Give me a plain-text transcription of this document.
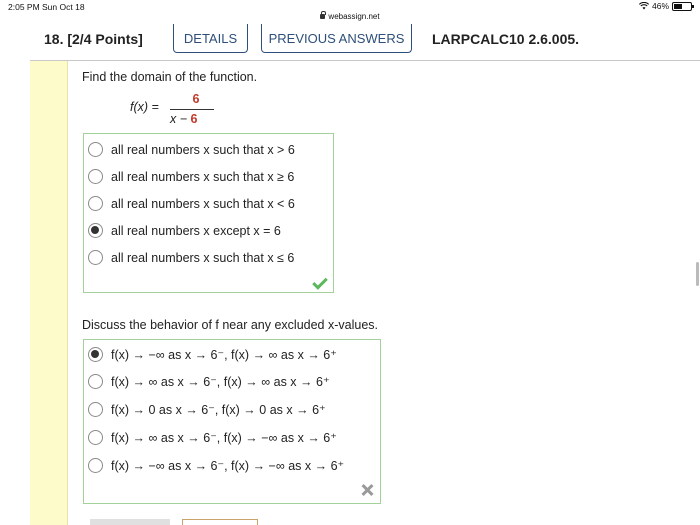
2:05 PM Sun Oct 18	46%
webassign.net
18. [2/4 Points]	DETAILS	PREVIOUS ANSWERS	LARPCALC10 2.6.005.
Find the domain of the function.
f(x) =
6
x − 6
all real numbers x such that x > 6
all real numbers x such that x ≥ 6
all real numbers x such that x < 6
all real numbers x except x = 6
all real numbers x such that x ≤ 6
Discuss the behavior of f near any excluded x-values.
f(x) → −∞ as x → 6⁻, f(x) → ∞ as x → 6⁺
f(x) → ∞ as x → 6⁻, f(x) → ∞ as x → 6⁺
f(x) → 0 as x → 6⁻, f(x) → 0 as x → 6⁺
f(x) → ∞ as x → 6⁻, f(x) → −∞ as x → 6⁺
f(x) → −∞ as x → 6⁻, f(x) → −∞ as x → 6⁺
